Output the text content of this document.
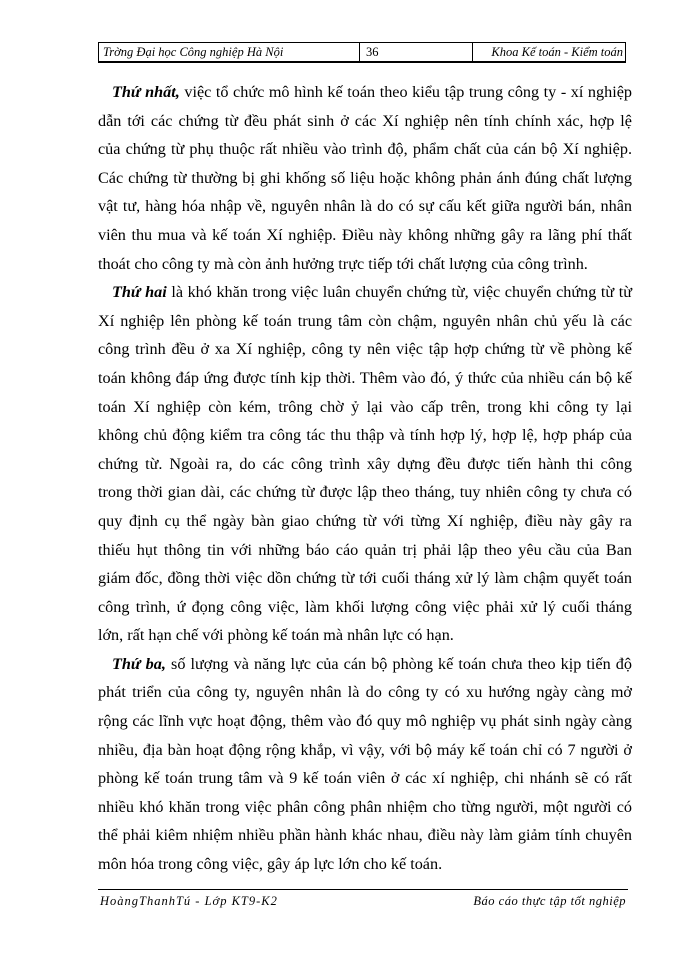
Trờng Đại học Công nghiệp Hà Nội	36	Khoa Kế toán - Kiểm toán
Thứ nhất, việc tổ chức mô hình kế toán theo kiểu tập trung công ty - xí nghiệp
dẫn tới các chứng từ đều phát sinh ở các Xí nghiệp nên tính chính xác, hợp lệ
của chứng từ phụ thuộc rất nhiều vào trình độ, phẩm chất của cán bộ Xí nghiệp.
Các chứng từ thường bị ghi khống số liệu hoặc không phản ánh đúng chất lượng
vật tư, hàng hóa nhập về, nguyên nhân là do có sự cấu kết giữa người bán, nhân
viên thu mua và kế toán Xí nghiệp. Điều này không những gây ra lãng phí thất
thoát cho công ty mà còn ảnh hưởng trực tiếp tới chất lượng của công trình.
Thứ hai là khó khăn trong việc luân chuyển chứng từ, việc chuyển chứng từ từ
Xí nghiệp lên phòng kế toán trung tâm còn chậm, nguyên nhân chủ yếu là các
công trình đều ở xa Xí nghiệp, công ty nên việc tập hợp chứng từ về phòng kế
toán không đáp ứng được tính kịp thời. Thêm vào đó, ý thức của nhiều cán bộ kế
toán Xí nghiệp còn kém, trông chờ ỷ lại vào cấp trên, trong khi công ty lại
không chủ động kiểm tra công tác thu thập và tính hợp lý, hợp lệ, hợp pháp của
chứng từ. Ngoài ra, do các công trình xây dựng đều được tiến hành thi công
trong thời gian dài, các chứng từ được lập theo tháng, tuy nhiên công ty chưa có
quy định cụ thể ngày bàn giao chứng từ với từng Xí nghiệp, điều này gây ra
thiếu hụt thông tin với những báo cáo quản trị phải lập theo yêu cầu của Ban
giám đốc, đồng thời việc dồn chứng từ tới cuối tháng xử lý làm chậm quyết toán
công trình, ứ đọng công việc, làm khối lượng công việc phải xử lý cuối tháng
lớn, rất hạn chế với phòng kế toán mà nhân lực có hạn.
Thứ ba, số lượng và năng lực của cán bộ phòng kế toán chưa theo kịp tiến độ
phát triển của công ty, nguyên nhân là do công ty có xu hướng ngày càng mở
rộng các lĩnh vực hoạt động, thêm vào đó quy mô nghiệp vụ phát sinh ngày càng
nhiều, địa bàn hoạt động rộng khắp, vì vậy, với bộ máy kế toán chỉ có 7 người ở
phòng kế toán trung tâm và 9 kế toán viên ở các xí nghiệp, chi nhánh sẽ có rất
nhiều khó khăn trong việc phân công phân nhiệm cho từng người, một người có
thể phải kiêm nhiệm nhiều phần hành khác nhau, điều này làm giảm tính chuyên
môn hóa trong công việc, gây áp lực lớn cho kế toán.
HoàngThanhTú - Lớp KT9-K2	Báo cáo thực tập tốt nghiệp
